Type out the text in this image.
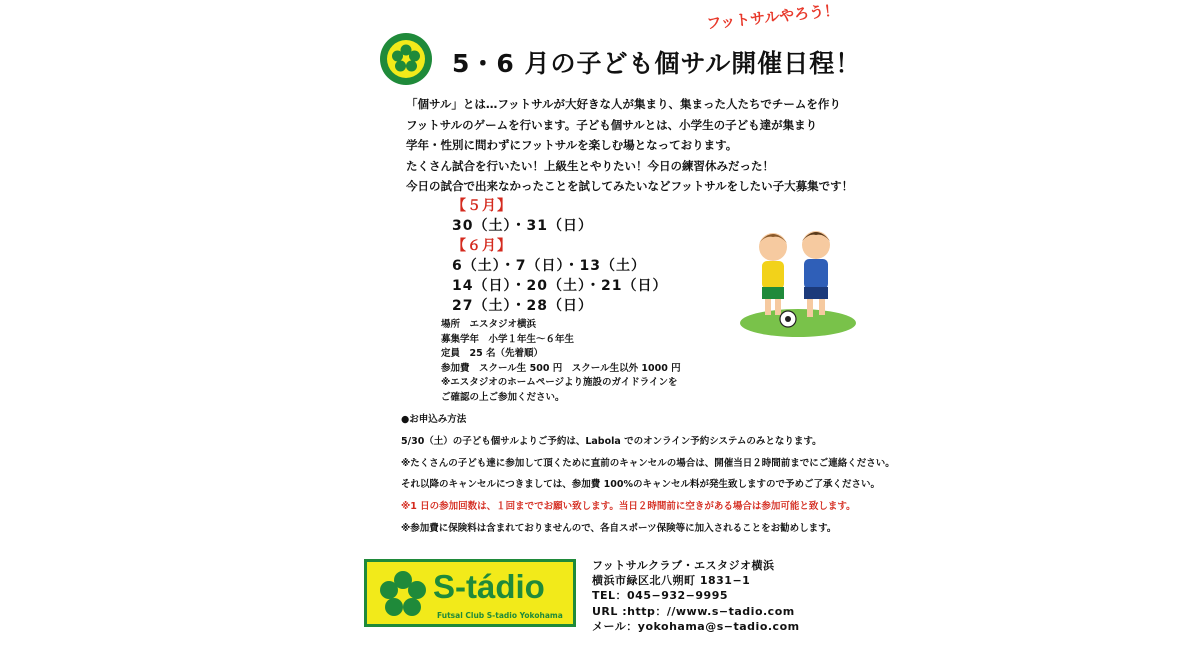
フットサルやろう！
5・6 月の子ども個サル開催日程！
「個サル」とは…フットサルが大好きな人が集まり、集まった人たちでチームを作り
フットサルのゲームを行います。子ども個サルとは、小学生の子ども達が集まり
学年・性別に問わずにフットサルを楽しむ場となっております。
たくさん試合を行いたい！上級生とやりたい！今日の練習休みだった！
今日の試合で出来なかったことを試してみたいなどフットサルをしたい子大募集です！
【５月】
30（土）・31（日）
【６月】
6（土）・7（日）・13（土）
14（日）・20（土）・21（日）
27（土）・28（日）
場所　エスタジオ横浜
募集学年　小学１年生～６年生
定員　25 名（先着順）
参加費　スクール生 500 円　スクール生以外 1000 円
※エスタジオのホームページより施設のガイドラインを
ご確認の上ご参加ください。
●お申込み方法
5/30（土）の子ども個サルよりご予約は、Labola でのオンライン予約システムのみとなります。
※たくさんの子ども達に参加して頂くために直前のキャンセルの場合は、開催当日２時間前までにご連絡ください。
それ以降のキャンセルにつきましては、参加費 100%のキャンセル料が発生致しますので予めご了承ください。
※1 日の参加回数は、１回まででお願い致します。当日２時間前に空きがある場合は参加可能と致します。
※参加費に保険料は含まれておりませんので、各自スポーツ保険等に加入されることをお勧めします。
S-tádio
Futsal Club S-tadio Yokohama
フットサルクラブ・エスタジオ横浜
横浜市緑区北八朔町 1831−1
TEL：045−932−9995
URL :http：//www.s−tadio.com
メール：yokohama@s−tadio.com
